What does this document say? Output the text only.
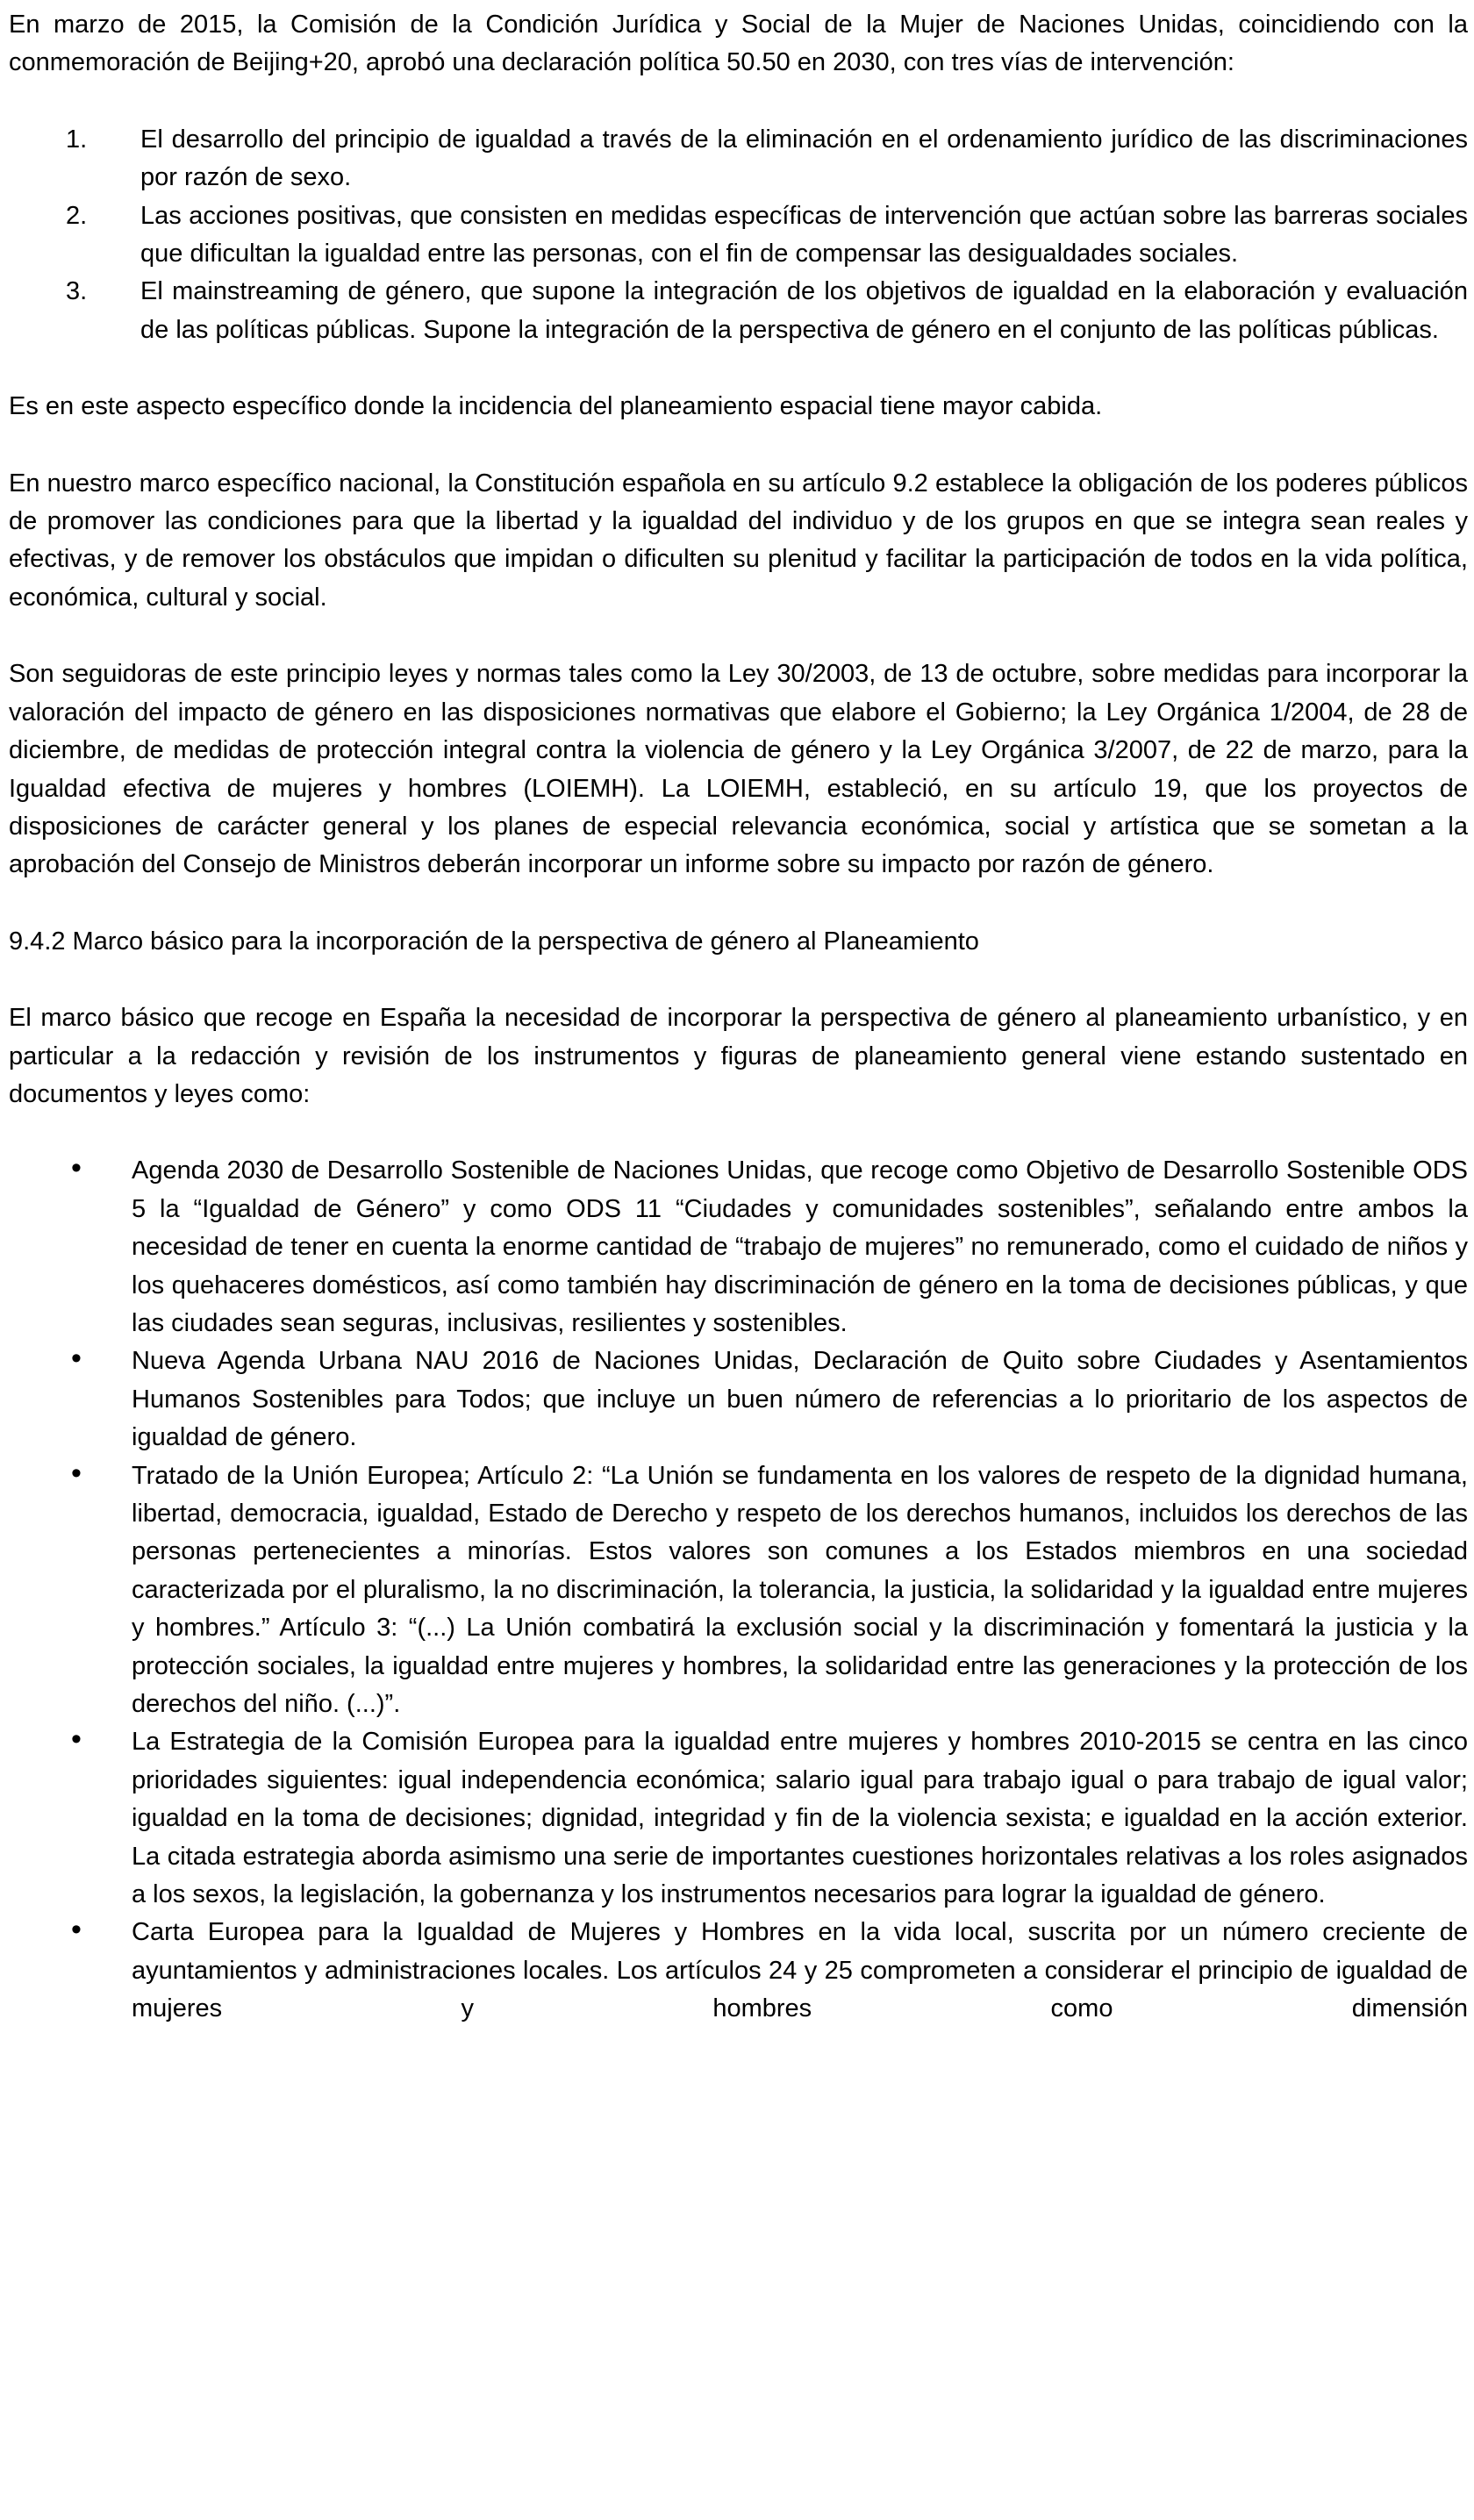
En marzo de 2015, la Comisión de la Condición Jurídica y Social de la Mujer de Naciones Unidas, coincidiendo con la conmemoración de Beijing+20, aprobó una declaración política 50.50 en 2030, con tres vías de intervención:

1. El desarrollo del principio de igualdad a través de la eliminación en el ordenamiento jurídico de las discriminaciones por razón de sexo.
2. Las acciones positivas, que consisten en medidas específicas de intervención que actúan sobre las barreras sociales que dificultan la igualdad entre las personas, con el fin de compensar las desigualdades sociales.
3. El mainstreaming de género, que supone la integración de los objetivos de igualdad en la elaboración y evaluación de las políticas públicas. Supone la integración de la perspectiva de género en el conjunto de las políticas públicas.

Es en este aspecto específico donde la incidencia del planeamiento espacial tiene mayor cabida.

En nuestro marco específico nacional, la Constitución española en su artículo 9.2 establece la obligación de los poderes públicos de promover las condiciones para que la libertad y la igualdad del individuo y de los grupos en que se integra sean reales y efectivas, y de remover los obstáculos que impidan o dificulten su plenitud y facilitar la participación de todos en la vida política, económica, cultural y social.

Son seguidoras de este principio leyes y normas tales como la Ley 30/2003, de 13 de octubre, sobre medidas para incorporar la valoración del impacto de género en las disposiciones normativas que elabore el Gobierno; la Ley Orgánica 1/2004, de 28 de diciembre, de medidas de protección integral contra la violencia de género y la Ley Orgánica 3/2007, de 22 de marzo, para la Igualdad efectiva de mujeres y hombres (LOIEMH). La LOIEMH, estableció, en su artículo 19, que los proyectos de disposiciones de carácter general y los planes de especial relevancia económica, social y artística que se sometan a la aprobación del Consejo de Ministros deberán incorporar un informe sobre su impacto por razón de género.

9.4.2 Marco básico para la incorporación de la perspectiva de género al Planeamiento

El marco básico que recoge en España la necesidad de incorporar la perspectiva de género al planeamiento urbanístico, y en particular a la redacción y revisión de los instrumentos y figuras de planeamiento general viene estando sustentado en documentos y leyes como:

• Agenda 2030 de Desarrollo Sostenible de Naciones Unidas, que recoge como Objetivo de Desarrollo Sostenible ODS 5 la “Igualdad de Género” y como ODS 11 “Ciudades y comunidades sostenibles”, señalando entre ambos la necesidad de tener en cuenta la enorme cantidad de “trabajo de mujeres” no remunerado, como el cuidado de niños y los quehaceres domésticos, así como también hay discriminación de género en la toma de decisiones públicas, y que las ciudades sean seguras, inclusivas, resilientes y sostenibles.
• Nueva Agenda Urbana NAU 2016 de Naciones Unidas, Declaración de Quito sobre Ciudades y Asentamientos Humanos Sostenibles para Todos; que incluye un buen número de referencias a lo prioritario de los aspectos de igualdad de género.
• Tratado de la Unión Europea; Artículo 2: “La Unión se fundamenta en los valores de respeto de la dignidad humana, libertad, democracia, igualdad, Estado de Derecho y respeto de los derechos humanos, incluidos los derechos de las personas pertenecientes a minorías. Estos valores son comunes a los Estados miembros en una sociedad caracterizada por el pluralismo, la no discriminación, la tolerancia, la justicia, la solidaridad y la igualdad entre mujeres y hombres.” Artículo 3: “(...) La Unión combatirá la exclusión social y la discriminación y fomentará la justicia y la protección sociales, la igualdad entre mujeres y hombres, la solidaridad entre las generaciones y la protección de los derechos del niño. (...)”.
• La Estrategia de la Comisión Europea para la igualdad entre mujeres y hombres 2010-2015 se centra en las cinco prioridades siguientes: igual independencia económica; salario igual para trabajo igual o para trabajo de igual valor; igualdad en la toma de decisiones; dignidad, integridad y fin de la violencia sexista; e igualdad en la acción exterior. La citada estrategia aborda asimismo una serie de importantes cuestiones horizontales relativas a los roles asignados a los sexos, la legislación, la gobernanza y los instrumentos necesarios para lograr la igualdad de género.
• Carta Europea para la Igualdad de Mujeres y Hombres en la vida local, suscrita por un número creciente de ayuntamientos y administraciones locales. Los artículos 24 y 25 comprometen a considerar el principio de igualdad de mujeres y hombres como dimensión
